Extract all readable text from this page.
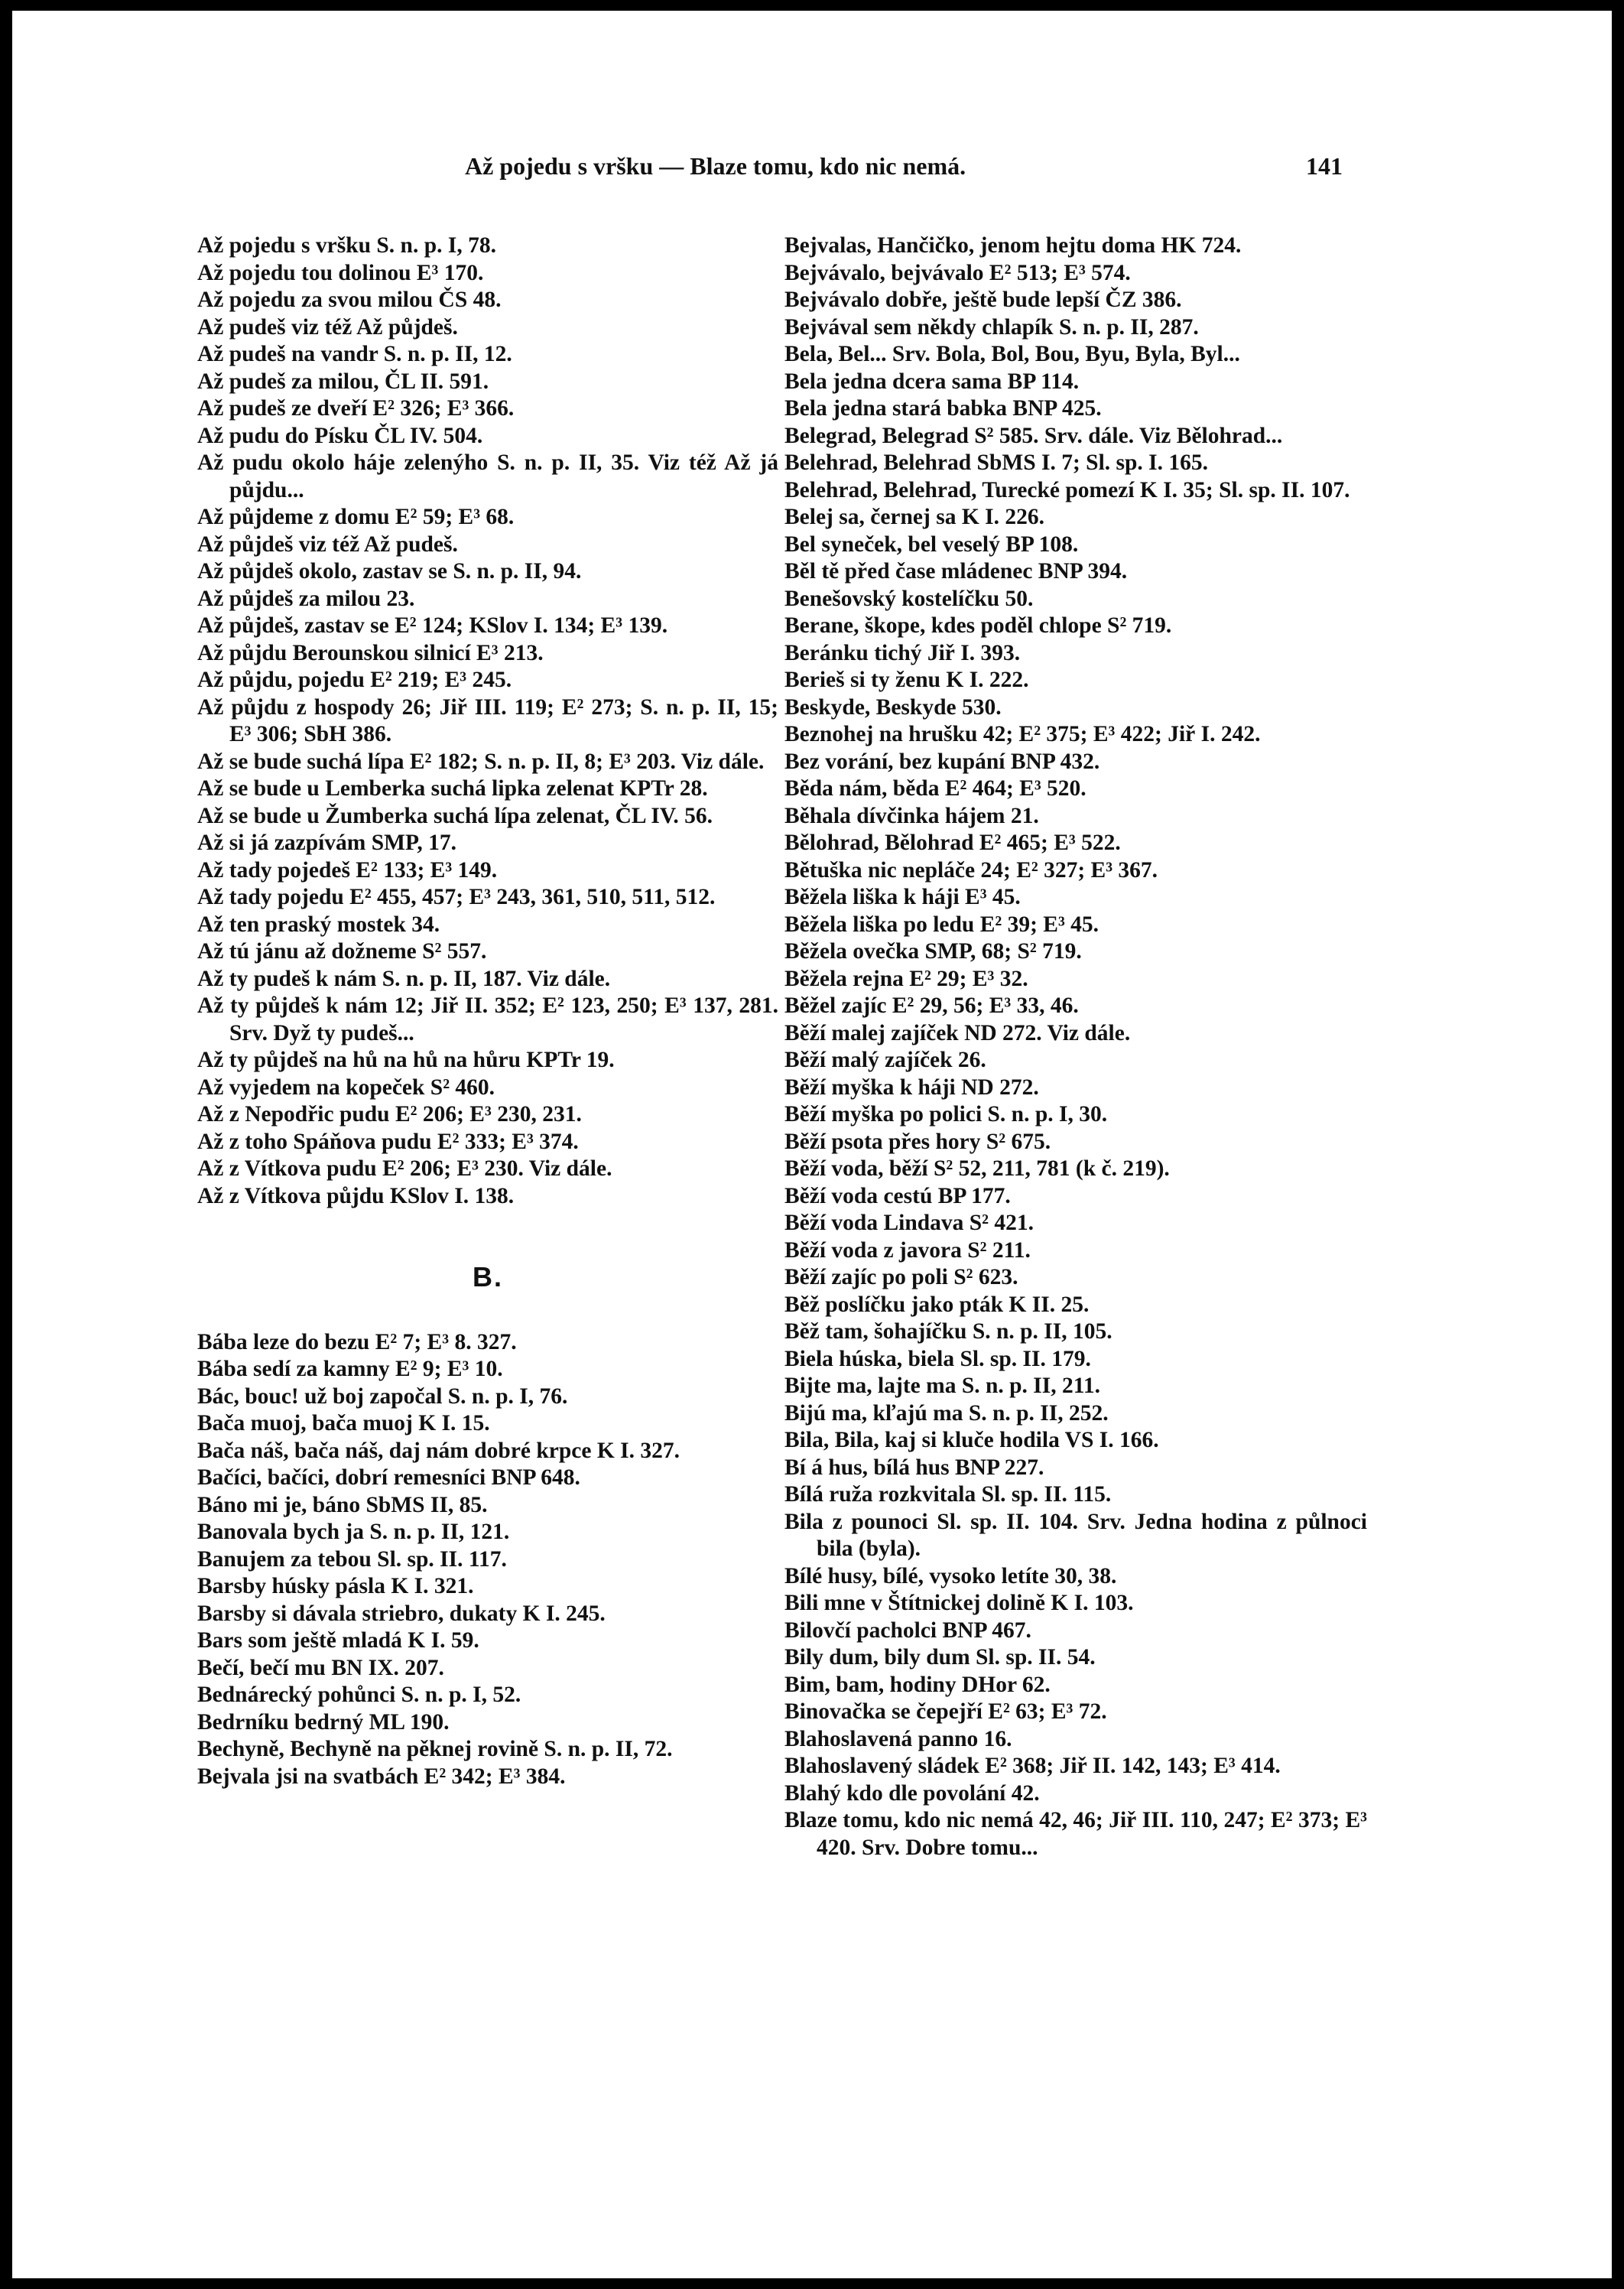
Až pojedu s vršku — Blaze tomu, kdo nic nemá.	141

Až pojedu s vršku S. n. p. I, 78.

Až pojedu tou dolinou E³ 170.

Až pojedu za svou milou ČS 48.

Až pudeš viz též Až půjdeš.

Až pudeš na vandr S. n. p. II, 12.

Až pudeš za milou, ČL II. 591.

Až pudeš ze dveří E² 326; E³ 366.

Až pudu do Písku ČL IV. 504.

Až pudu okolo háje zelenýho S. n. p. II, 35. Viz též Až já půjdu...

Až půjdeme z domu E² 59; E³ 68.

Až půjdeš viz též Až pudeš.

Až půjdeš okolo, zastav se S. n. p. II, 94.

Až půjdeš za milou 23.

Až půjdeš, zastav se E² 124; KSlov I. 134; E³ 139.

Až půjdu Berounskou silnicí E³ 213.

Až půjdu, pojedu E² 219; E³ 245.

Až půjdu z hospody 26; Jiř III. 119; E² 273; S. n. p. II, 15; E³ 306; SbH 386.

Až se bude suchá lípa E² 182; S. n. p. II, 8; E³ 203. Viz dále.

Až se bude u Lemberka suchá lipka zelenat KPTr 28.

Až se bude u Žumberka suchá lípa zelenat, ČL IV. 56.

Až si já zazpívám SMP, 17.

Až tady pojedeš E² 133; E³ 149.

Až tady pojedu E² 455, 457; E³ 243, 361, 510, 511, 512.

Až ten praský mostek 34.

Až tú jánu až dožneme S² 557.

Až ty pudeš k nám S. n. p. II, 187. Viz dále.

Až ty půjdeš k nám 12; Jiř II. 352; E² 123, 250; E³ 137, 281. Srv. Dyž ty pudeš...

Až ty půjdeš na hů na hů na hůru KPTr 19.

Až vyjedem na kopeček S² 460.

Až z Nepodřic pudu E² 206; E³ 230, 231.

Až z toho Spáňova pudu E² 333; E³ 374.

Až z Vítkova pudu E² 206; E³ 230. Viz dále.

Až z Vítkova půjdu KSlov I. 138.

B.

Bába leze do bezu E² 7; E³ 8. 327.

Bába sedí za kamny E² 9; E³ 10.

Bác, bouc! už boj započal S. n. p. I, 76.

Bača muoj, bača muoj K I. 15.

Bača náš, bača náš, daj nám dobré krpce K I. 327.

Bačíci, bačíci, dobrí remesníci BNP 648.

Báno mi je, báno SbMS II, 85.

Banovala bych ja S. n. p. II, 121.

Banujem za tebou Sl. sp. II. 117.

Barsby húsky pásla K I. 321.

Barsby si dávala striebro, dukaty K I. 245.

Bars som ještě mladá K I. 59.

Bečí, bečí mu BN IX. 207.

Bednárecký pohůnci S. n. p. I, 52.

Bedrníku bedrný ML 190.

Bechyně, Bechyně na pěknej rovině S. n. p. II, 72.

Bejvala jsi na svatbách E² 342; E³ 384.

Bejvalas, Hančičko, jenom hejtu doma HK 724.

Bejvávalo, bejvávalo E² 513; E³ 574.

Bejvávalo dobře, ještě bude lepší ČZ 386.

Bejvával sem někdy chlapík S. n. p. II, 287.

Bela, Bel... Srv. Bola, Bol, Bou, Byu, Byla, Byl...

Bela jedna dcera sama BP 114.

Bela jedna stará babka BNP 425.

Belegrad, Belegrad S² 585. Srv. dále. Viz Bělohrad...

Belehrad, Belehrad SbMS I. 7; Sl. sp. I. 165.

Belehrad, Belehrad, Turecké pomezí K I. 35; Sl. sp. II. 107.

Belej sa, černej sa K I. 226.

Bel syneček, bel veselý BP 108.

Běl tě před čase mládenec BNP 394.

Benešovský kostelíčku 50.

Berane, škope, kdes poděl chlope S² 719.

Beránku tichý Jiř I. 393.

Berieš si ty ženu K I. 222.

Beskyde, Beskyde 530.

Beznohej na hrušku 42; E² 375; E³ 422; Jiř I. 242.

Bez vorání, bez kupání BNP 432.

Běda nám, běda E² 464; E³ 520.

Běhala dívčinka hájem 21.

Bělohrad, Bělohrad E² 465; E³ 522.

Bětuška nic nepláče 24; E² 327; E³ 367.

Běžela liška k háji E³ 45.

Běžela liška po ledu E² 39; E³ 45.

Běžela ovečka SMP, 68; S² 719.

Běžela rejna E² 29; E³ 32.

Běžel zajíc E² 29, 56; E³ 33, 46.

Běží malej zajíček ND 272. Viz dále.

Běží malý zajíček 26.

Běží myška k háji ND 272.

Běží myška po polici S. n. p. I, 30.

Běží psota přes hory S² 675.

Běží voda, běží S² 52, 211, 781 (k č. 219).

Běží voda cestú BP 177.

Běží voda Lindava S² 421.

Běží voda z javora S² 211.

Běží zajíc po poli S² 623.

Běž poslíčku jako pták K II. 25.

Běž tam, šohajíčku S. n. p. II, 105.

Biela húska, biela Sl. sp. II. 179.

Bijte ma, lajte ma S. n. p. II, 211.

Bijú ma, kľajú ma S. n. p. II, 252.

Bila, Bila, kaj si kluče hodila VS I. 166.

Bí á hus, bílá hus BNP 227.

Bílá ruža rozkvitala Sl. sp. II. 115.

Bila z pounoci Sl. sp. II. 104. Srv. Jedna hodina z půlnoci bila (byla).

Bílé husy, bílé, vysoko letíte 30, 38.

Bili mne v Štítnickej dolině K I. 103.

Bilovčí pacholci BNP 467.

Bily dum, bily dum Sl. sp. II. 54.

Bim, bam, hodiny DHor 62.

Binovačka se čepejří E² 63; E³ 72.

Blahoslavená panno 16.

Blahoslavený sládek E² 368; Jiř II. 142, 143; E³ 414.

Blahý kdo dle povolání 42.

Blaze tomu, kdo nic nemá 42, 46; Jiř III. 110, 247; E² 373; E³ 420. Srv. Dobre tomu...
